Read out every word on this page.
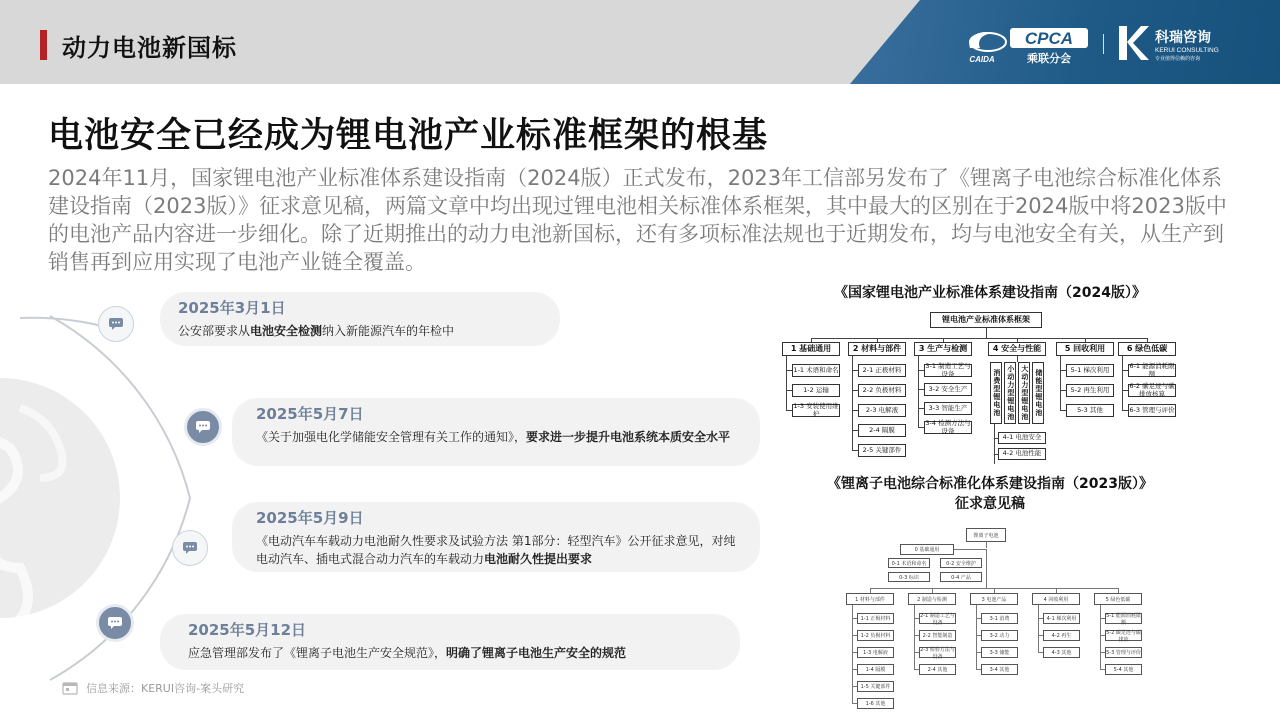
动力电池新国标	CPCA
乘联分会
CAIDA
科瑞咨询
KERUI CONSULTING
专业值得信赖的咨询
电池安全已经成为锂电池产业标准框架的根基
2024年11月，国家锂电池产业标准体系建设指南（2024版）正式发布，2023年工信部另发布了《锂离子电池综合标准化体系建设指南（2023版）》征求意见稿，两篇文章中均出现过锂电池相关标准体系框架，其中最大的区别在于2024版中将2023版中的电池产品内容进一步细化。除了近期推出的动力电池新国标，还有多项标准法规也于近期发布，均与电池安全有关，从生产到销售再到应用实现了电池产业链全覆盖。
2025年3月1日
公安部要求从电池安全检测纳入新能源汽车的年检中
2025年5月7日
《关于加强电化学储能安全管理有关工作的通知》，要求进一步提升电池系统本质安全水平
2025年5月9日
《电动汽车车载动力电池耐久性要求及试验方法 第1部分：轻型汽车》公开征求意见，对纯电动汽车、插电式混合动力汽车的车载动力电池耐久性提出要求
2025年5月12日
应急管理部发布了《锂离子电池生产安全规范》，明确了锂离子电池生产安全的规范
信息来源：KERUI咨询-案头研究
《国家锂电池产业标准体系建设指南（2024版）》
锂电池产业标准体系框架
1 基础通用
1-1 术语和命名
1-2 运输
1-3 安装使用维护
2 材料与部件
2-1 正极材料
2-2 负极材料
2-3 电解液
2-4 隔膜
2-5 关键部件
3 生产与检测
3-1 制造工艺与设备
3-2 安全生产
3-3 智能生产
3-4 检测方法与设备
4 安全与性能
消费型锂电池 小动力型锂电池 大动力型锂电池 储能型锂电池
4-1 电池安全
4-2 电池性能
5 回收利用
5-1 梯次利用
5-2 再生利用
5-3 其他
6 绿色低碳
6-1 能源消耗限额
6-2 碳足迹与碳排放核算
6-3 管理与评价
《锂离子电池综合标准化体系建设指南（2023版）》
征求意见稿
锂离子电池
0 基础通用
0-1 术语和命名	0-2 安全维护
0-3 标识	0-4 产品
1 材料与部件
1-1 正极材料
1-2 负极材料
1-3 电解液
1-4 隔膜
1-5 关键部件
1-6 其他
2 制造与检测
2-1 制造工艺与设备
2-2 智能制造
2-3 检验方法与设备
2-4 其他
3 电池产品
3-1 消费
3-2 动力
3-3 储能
3-4 其他
4 回收利用
4-1 梯次利用
4-2 再生
4-3 其他
5 绿色低碳
5-1 能源消耗限额
5-2 碳足迹与碳排放
5-3 管理与评价
5-4 其他
